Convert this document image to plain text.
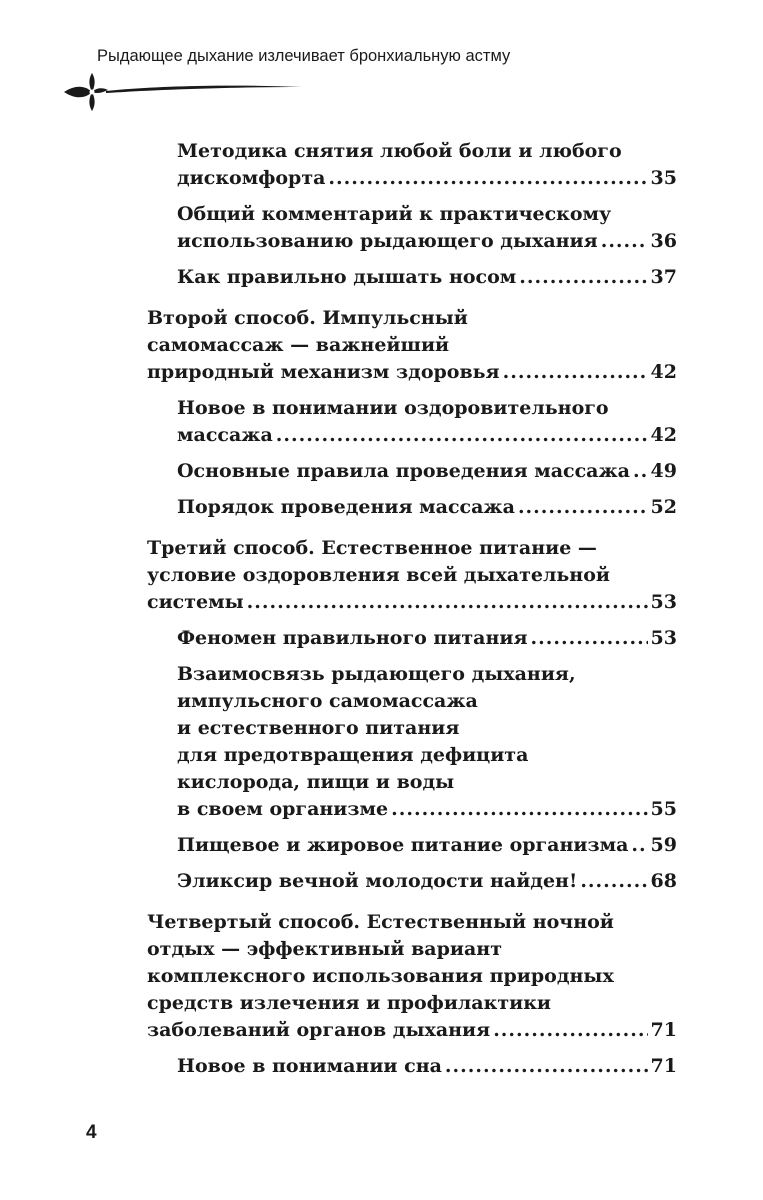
Рыдающее дыхание излечивает бронхиальную астму
Методика снятия любой боли и любого
дискомфорта .....	35
Общий комментарий к практическому
использованию рыдающего дыхания .....	36
Как правильно дышать носом .....	37
Второй способ. Импульсный
самомассаж — важнейший
природный механизм здоровья .....	42
Новое в понимании оздоровительного
массажа .....	42
Основные правила проведения массажа ..... 49
Порядок проведения массажа .....	52
Третий способ. Естественное питание —
условие оздоровления всей дыхательной
системы .....	53
Феномен правильного питания .....	53
Взаимосвязь рыдающего дыхания,
импульсного самомассажа
и естественного питания
для предотвращения дефицита
кислорода, пищи и воды
в своем организме .....	55
Пищевое и жировое питание организма ..... 59
Эликсир вечной молодости найден! .....	68
Четвертый способ. Естественный ночной
отдых — эффективный вариант
комплексного использования природных
средств излечения и профилактики
заболеваний органов дыхания .....	71
Новое в понимании сна .....	71
4
